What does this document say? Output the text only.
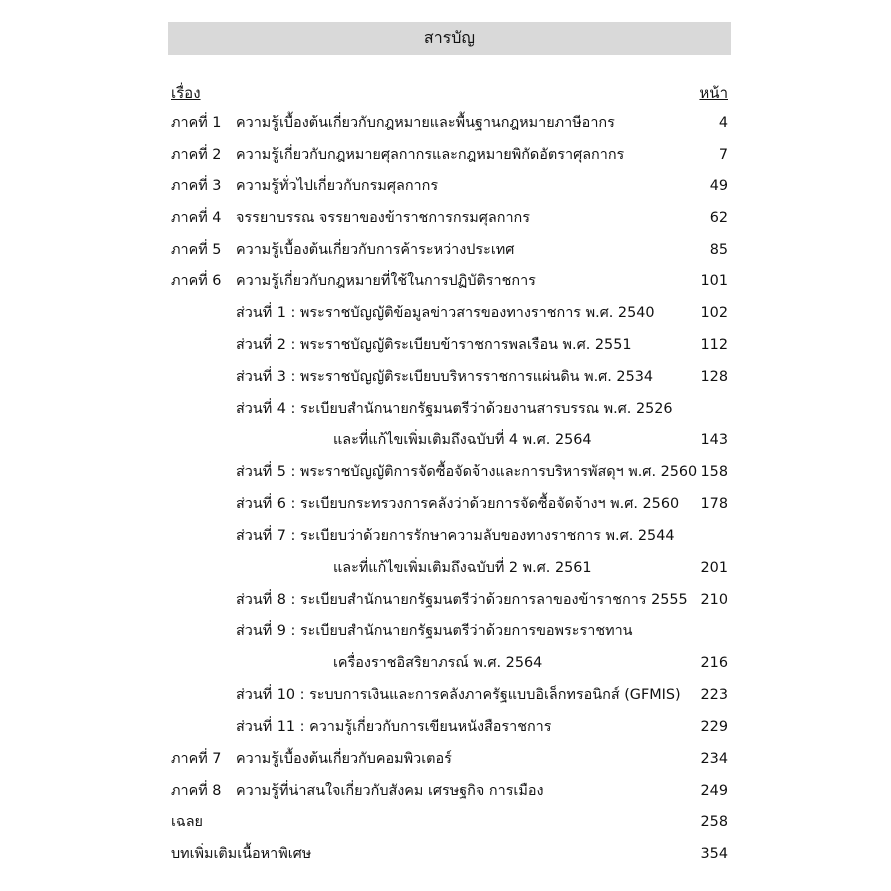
สารบัญ
เรื่อง	หน้า
ภาคที่ 1 ความรู้เบื้องต้นเกี่ยวกับกฎหมายและพื้นฐานกฎหมายภาษีอากร	4
ภาคที่ 2 ความรู้เกี่ยวกับกฎหมายศุลกากรและกฎหมายพิกัดอัตราศุลกากร	7
ภาคที่ 3 ความรู้ทั่วไปเกี่ยวกับกรมศุลกากร	49
ภาคที่ 4 จรรยาบรรณ จรรยาของข้าราชการกรมศุลกากร	62
ภาคที่ 5 ความรู้เบื้องต้นเกี่ยวกับการค้าระหว่างประเทศ	85
ภาคที่ 6 ความรู้เกี่ยวกับกฎหมายที่ใช้ในการปฏิบัติราชการ	101
ส่วนที่ 1 : พระราชบัญญัติข้อมูลข่าวสารของทางราชการ พ.ศ. 2540	102
ส่วนที่ 2 : พระราชบัญญัติระเบียบข้าราชการพลเรือน พ.ศ. 2551	112
ส่วนที่ 3 : พระราชบัญญัติระเบียบบริหารราชการแผ่นดิน พ.ศ. 2534	128
ส่วนที่ 4 : ระเบียบสำนักนายกรัฐมนตรีว่าด้วยงานสารบรรณ พ.ศ. 2526
และที่แก้ไขเพิ่มเติมถึงฉบับที่ 4 พ.ศ. 2564	143
ส่วนที่ 5 : พระราชบัญญัติการจัดซื้อจัดจ้างและการบริหารพัสดุฯ พ.ศ. 2560 158
ส่วนที่ 6 : ระเบียบกระทรวงการคลังว่าด้วยการจัดซื้อจัดจ้างฯ พ.ศ. 2560 178
ส่วนที่ 7 : ระเบียบว่าด้วยการรักษาความลับของทางราชการ พ.ศ. 2544
และที่แก้ไขเพิ่มเติมถึงฉบับที่ 2 พ.ศ. 2561	201
ส่วนที่ 8 : ระเบียบสำนักนายกรัฐมนตรีว่าด้วยการลาของข้าราชการ 2555 210
ส่วนที่ 9 : ระเบียบสำนักนายกรัฐมนตรีว่าด้วยการขอพระราชทาน
เครื่องราชอิสริยาภรณ์ พ.ศ. 2564	216
ส่วนที่ 10 : ระบบการเงินและการคลังภาครัฐแบบอิเล็กทรอนิกส์ (GFMIS) 223
ส่วนที่ 11 : ความรู้เกี่ยวกับการเขียนหนังสือราชการ	229
ภาคที่ 7 ความรู้เบื้องต้นเกี่ยวกับคอมพิวเตอร์	234
ภาคที่ 8 ความรู้ที่น่าสนใจเกี่ยวกับสังคม เศรษฐกิจ การเมือง	249
เฉลย	258
บทเพิ่มเติมเนื้อหาพิเศษ	354
